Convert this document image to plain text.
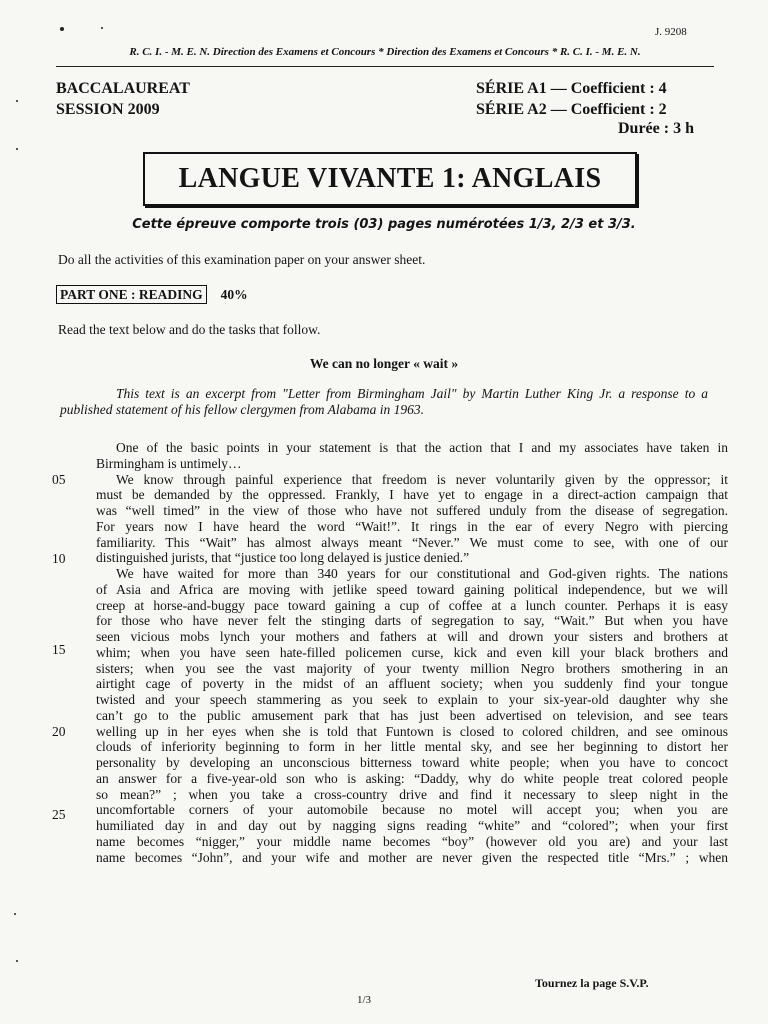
J. 9208
R. C. I. - M. E. N. Direction des Examens et Concours * Direction des Examens et Concours * R. C. I. - M. E. N.
BACCALAUREAT
SESSION 2009
SÉRIE A1 — Coefficient : 4
SÉRIE A2 — Coefficient : 2
Durée : 3 h
LANGUE VIVANTE 1: ANGLAIS
Cette épreuve comporte trois (03) pages numérotées 1/3, 2/3 et 3/3.
Do all the activities of this examination paper on your answer sheet.
PART ONE : READING 40%
Read the text below and do the tasks that follow.
We can no longer « wait »
This text is an excerpt from "Letter from Birmingham Jail" by Martin Luther King Jr. a response to a published statement of his fellow clergymen from Alabama in 1963.
One of the basic points in your statement is that the action that I and my associates have taken in
Birmingham is untimely…
We know through painful experience that freedom is never voluntarily given by the oppressor; it
must be demanded by the oppressed. Frankly, I have yet to engage in a direct-action campaign that
was “well timed” in the view of those who have not suffered unduly from the disease of segregation.
For years now I have heard the word “Wait!”. It rings in the ear of every Negro with piercing
familiarity. This “Wait” has almost always meant “Never.” We must come to see, with one of our
distinguished jurists, that “justice too long delayed is justice denied.”
We have waited for more than 340 years for our constitutional and God-given rights. The nations
of Asia and Africa are moving with jetlike speed toward gaining political independence, but we will
creep at horse-and-buggy pace toward gaining a cup of coffee at a lunch counter. Perhaps it is easy
for those who have never felt the stinging darts of segregation to say, “Wait.” But when you have
seen vicious mobs lynch your mothers and fathers at will and drown your sisters and brothers at
whim; when you have seen hate-filled policemen curse, kick and even kill your black brothers and
sisters; when you see the vast majority of your twenty million Negro brothers smothering in an
airtight cage of poverty in the midst of an affluent society; when you suddenly find your tongue
twisted and your speech stammering as you seek to explain to your six-year-old daughter why she
can’t go to the public amusement park that has just been advertised on television, and see tears
welling up in her eyes when she is told that Funtown is closed to colored children, and see ominous
clouds of inferiority beginning to form in her little mental sky, and see her beginning to distort her
personality by developing an unconscious bitterness toward white people; when you have to concoct
an answer for a five-year-old son who is asking: “Daddy, why do white people treat colored people
so mean?” ; when you take a cross-country drive and find it necessary to sleep night in the
uncomfortable corners of your automobile because no motel will accept you; when you are
humiliated day in and day out by nagging signs reading “white” and “colored”; when your first
name becomes “nigger,” your middle name becomes “boy” (however old you are) and your last
name becomes “John”, and your wife and mother are never given the respected title “Mrs.” ; when
05
10
15
20
25
Tournez la page S.V.P.
1/3
